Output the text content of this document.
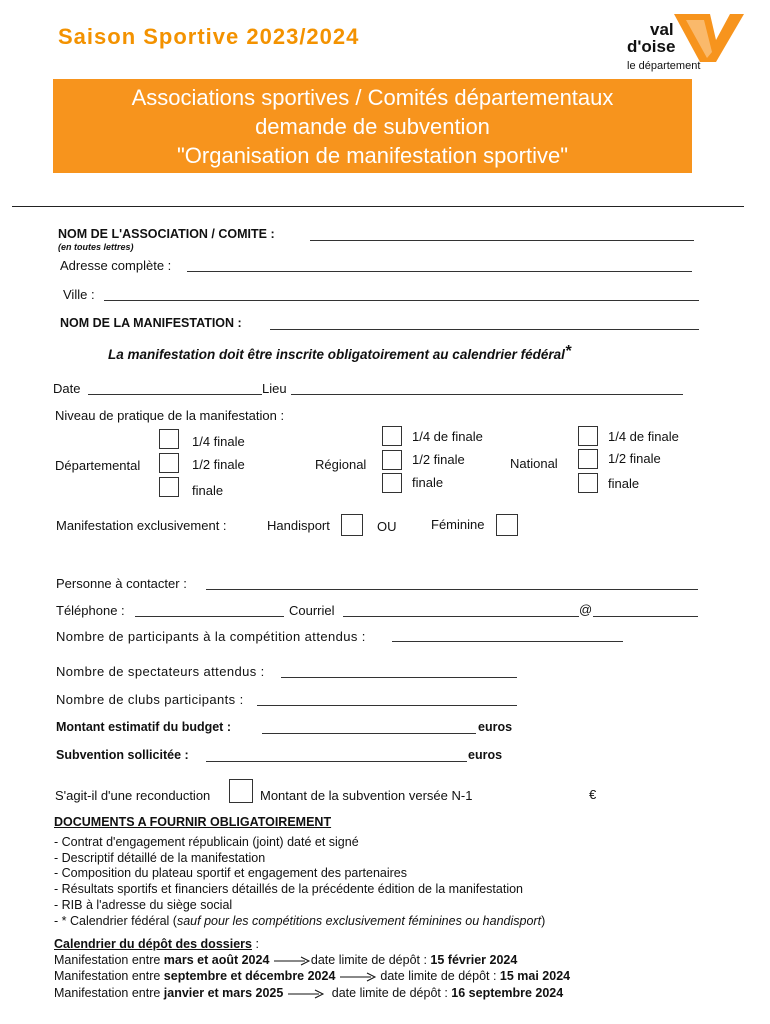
Saison Sportive 2023/2024	val
d'oise
le département
Associations sportives / Comités départementaux
demande de subvention
"Organisation de manifestation sportive"
NOM DE L'ASSOCIATION / COMITE :
(en toutes lettres)
Adresse complète :
Ville :
NOM DE LA MANIFESTATION :
La manifestation doit être inscrite obligatoirement au calendrier fédéral*
Date	Lieu
Niveau de pratique de la manifestation :
Départemental
1/4 finale
1/2 finale
finale
Régional
1/4 de finale
1/2 finale
finale
National
1/4 de finale
1/2 finale
finale
Manifestation exclusivement :	Handisport	OU	Féminine
Personne à contacter :
Téléphone :	Courriel	@
Nombre de participants à la compétition attendus :
Nombre de spectateurs attendus :
Nombre de clubs participants :
Montant estimatif du budget :	euros
Subvention sollicitée :	euros
S'agit-il d'une reconduction	Montant de la subvention versée N-1	€
DOCUMENTS A FOURNIR OBLIGATOIREMENT
- Contrat d'engagement républicain (joint) daté et signé
- Descriptif détaillé de la manifestation
- Composition du plateau sportif et engagement des partenaires
- Résultats sportifs et financiers détaillés de la précédente édition de la manifestation
- RIB à l'adresse du siège social
- * Calendrier fédéral (sauf pour les compétitions exclusivement féminines ou handisport)
Calendrier du dépôt des dossiers :
Manifestation entre mars et août 2024	date limite de dépôt : 15 février 2024
Manifestation entre septembre et décembre 2024	date limite de dépôt : 15 mai 2024
Manifestation entre janvier et mars 2025	date limite de dépôt : 16 septembre 2024
